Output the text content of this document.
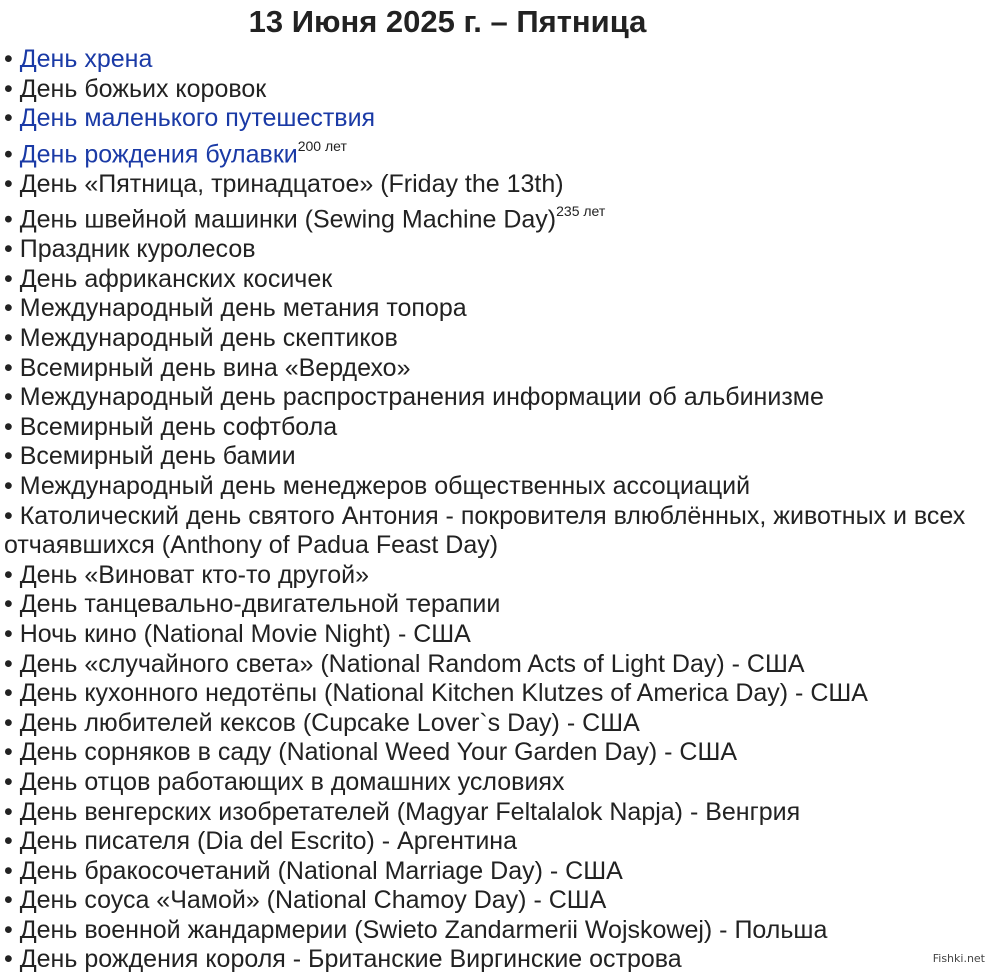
13 Июня 2025 г. – Пятница
• День хрена
• День божьих коровок
• День маленького путешествия
• День рождения булавки$^{200 лет}$
• День «Пятница, тринадцатое» (Friday the 13th)
• День швейной машинки (Sewing Machine Day)$^{235 лет}$
• Праздник куролесов
• День африканских косичек
• Международный день метания топора
• Международный день скептиков
• Всемирный день вина «Вердехо»
• Международный день распространения информации об альбинизме
• Всемирный день софтбола
• Всемирный день бамии
• Международный день менеджеров общественных ассоциаций
• Католический день святого Антония - покровителя влюблённых, животных и всех отчаявшихся (Anthony of Padua Feast Day)
• День «Виноват кто-то другой»
• День танцевально-двигательной терапии
• Ночь кино (National Movie Night) - США
• День «случайного света» (National Random Acts of Light Day) - США
• День кухонного недотёпы (National Kitchen Klutzes of America Day) - США
• День любителей кексов (Cupcake Lover`s Day) - США
• День сорняков в саду (National Weed Your Garden Day) - США
• День отцов работающих в домашних условиях
• День венгерских изобретателей (Magyar Feltalalok Napja) - Венгрия
• День писателя (Dia del Escrito) - Аргентина
• День бракосочетаний (National Marriage Day) - США
• День соуса «Чамой» (National Chamoy Day) - США
• День военной жандармерии (Swieto Zandarmerii Wojskowej) - Польша
• День рождения короля - Британские Виргинские острова	Fishki.net
